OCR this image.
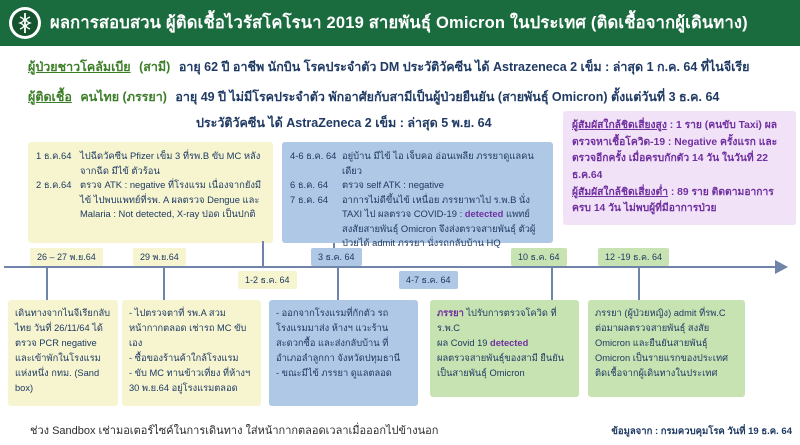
ผลการสอบสวน ผู้ติดเชื้อไวรัสโคโรนา 2019 สายพันธุ์ Omicron ในประเทศ (ติดเชื้อจากผู้เดินทาง)
ผู้ป่วยชาวโคลัมเบีย (สามี) อายุ 62 ปี อาชีพ นักบิน โรคประจำตัว DM ประวัติวัคซีน ได้ Astrazeneca 2 เข็ม : ล่าสุด 1 ก.ค. 64 ที่ไนจีเรีย
ผู้ติดเชื้อ คนไทย (ภรรยา) อายุ 49 ปี ไม่มีโรคประจำตัว พักอาศัยกับสามีเป็นผู้ป่วยยืนยัน (สายพันธุ์ Omicron) ตั้งแต่วันที่ 3 ธ.ค. 64
ประวัติวัคซีน ได้ AstraZeneca 2 เข็ม : ล่าสุด 5 พ.ย. 64	ผู้สัมผัสใกล้ชิดเสี่ยงสูง : 1 ราย (คนขับ Taxi) ผลตรวจหาเชื้อโควิด-19 : Negative ครั้งแรก และตรวจอีกครั้ง เมื่อครบกักตัว 14 วัน ในวันที่ 22 ธ.ค.64
ผู้สัมผัสใกล้ชิดเสี่ยงต่ำ : 89 ราย ติดตามอาการครบ 14 วัน ไม่พบผู้ที่มีอาการป่วย
1 ธ.ค.64 ไปฉีดวัคซีน Pfizer เข็ม 3 ที่รพ.B ขับ MC หลังจากฉีด มีไข้ ตัวร้อน
2 ธ.ค.64 ตรวจ ATK : negative ที่โรงแรม เนื่องจากยังมีไข้ ไปพบแพทย์ที่รพ. A ผลตรวจ Dengue และ Malaria : Not detected, X-ray ปอด เป็นปกติ
4-6 ธ.ค. 64 อยู่บ้าน มีไข้ ไอ เจ็บคอ อ่อนเพลีย ภรรยาดูแลคนเดียว
6 ธ.ค. 64	ตรวจ self ATK : negative
7 ธ.ค. 64	อาการไม่ดีขึ้นไข้ เหนื่อย ภรรยาพาไป ร.พ.B นั่ง TAXI ไป ผลตรวจ COVID-19 : detected แพทย์สงสัยสายพันธุ์ Omicron จึงส่งตรวจสายพันธุ์ ตัวผู้ป่วยได้ admit ภรรยา นั่งรถกลับบ้าน HQ
26 – 27 พ.ย.64	29 พ.ย.64	3 ธ.ค. 64	10 ธ.ค. 64	12 -19 ธ.ค. 64
1-2 ธ.ค. 64	4-7 ธ.ค. 64
เดินทางจากไนจีเรียกลับไทย วันที่ 26/11/64 ได้ตรวจ PCR negative และเข้าพักในโรงแรมแห่งหนึ่ง กทม. (Sand box)
- ไปตรวจตาที่ รพ.A สวมหน้ากากตลอด เช่ารถ MC ขับเอง
- ซื้อของร้านค้าใกล้โรงแรม
- ขับ MC ทานข้าวเที่ยง ที่ห้างฯ
30 พ.ย.64 อยู่โรงแรมตลอด
- ออกจากโรงแรมที่กักตัว รถโรงแรมมาส่ง ห้างฯ แวะร้านสะดวกซื้อ และส่งกลับบ้าน ที่อำเภอลำลูกกา จังหวัดปทุมธานี
- ขณะมีไข้ ภรรยา ดูแลตลอด
ภรรยา ไปรับการตรวจโควิด ที่ ร.พ.C
ผล Covid 19 detected
ผลตรวจสายพันธุ์ของสามี ยืนยันเป็นสายพันธุ์ Omicron
ภรรยา (ผู้ป่วยหญิง) admit ที่รพ.C ต่อมาผลตรวจสายพันธุ์ สงสัย Omicron และยืนยันสายพันธุ์ Omicron เป็นรายแรกของประเทศ ติดเชื้อจากผู้เดินทางในประเทศ
ช่วง Sandbox เช่ามอเตอร์ไซค์ในการเดินทาง ใส่หน้ากากตลอดเวลาเมื่อออกไปข้างนอก	ข้อมูลจาก : กรมควบคุมโรค วันที่ 19 ธ.ค. 64
